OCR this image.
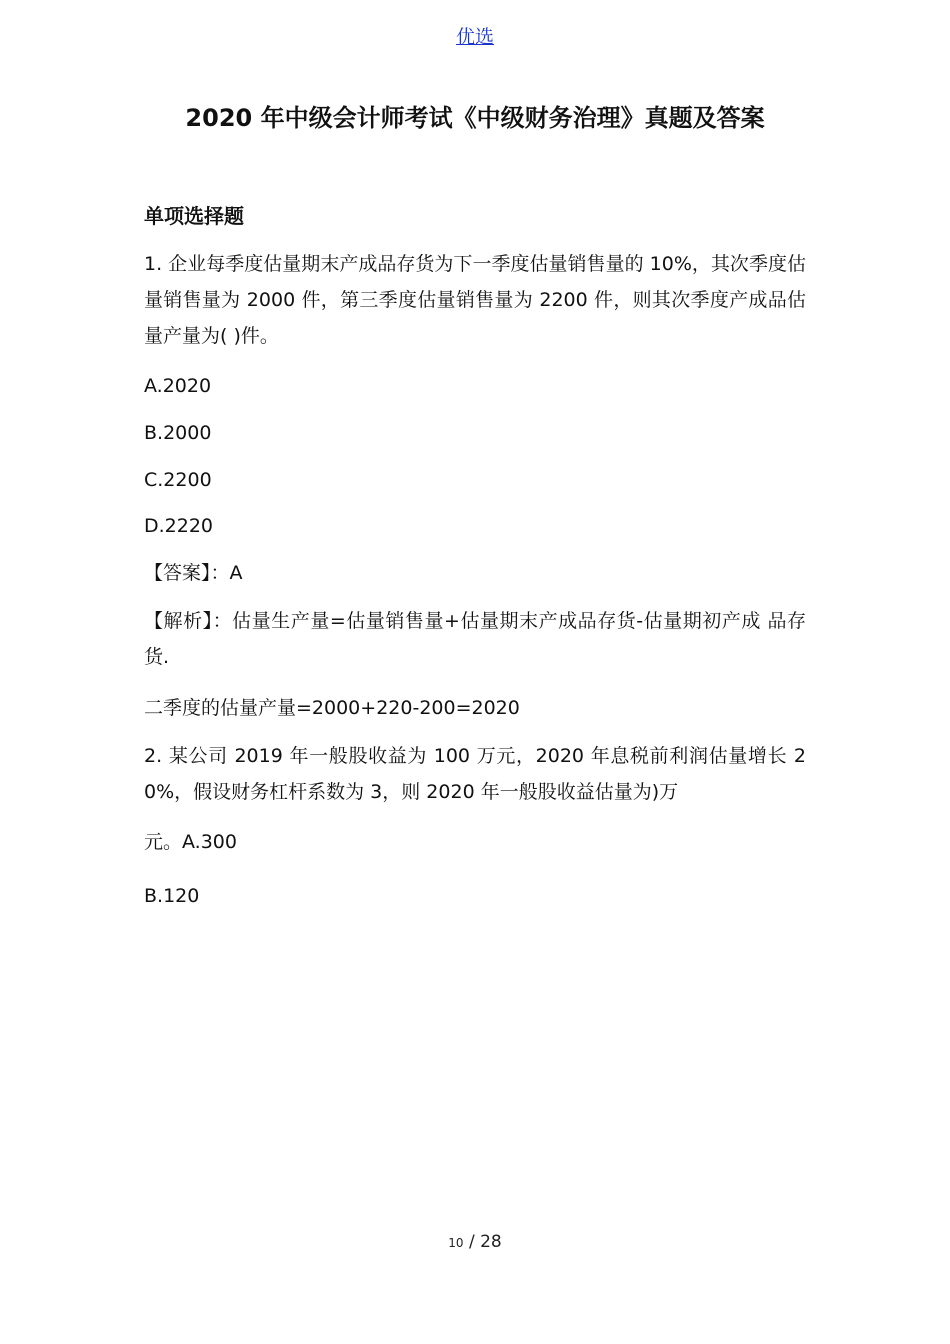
优选
2020 年中级会计师考试《中级财务治理》真题及答案
单项选择题

1. 企业每季度估量期末产成品存货为下一季度估量销售量的 10%，其次季度估量销售量为 2000 件，第三季度估量销售量为 2200 件，则其次季度产成品估量产量为( )件。

A.2020

B.2000

C.2200

D.2220

【答案】：A

【解析】：估量生产量=估量销售量+估量期末产成品存货-估量期初产成 品存货.

二季度的估量产量=2000+220-200=2020

2. 某公司 2019 年一般股收益为 100 万元，2020 年息税前利润估量增长 20%，假设财务杠杆系数为 3，则 2020 年一般股收益估量为)万

元。A.300

B.120

10 / 28
